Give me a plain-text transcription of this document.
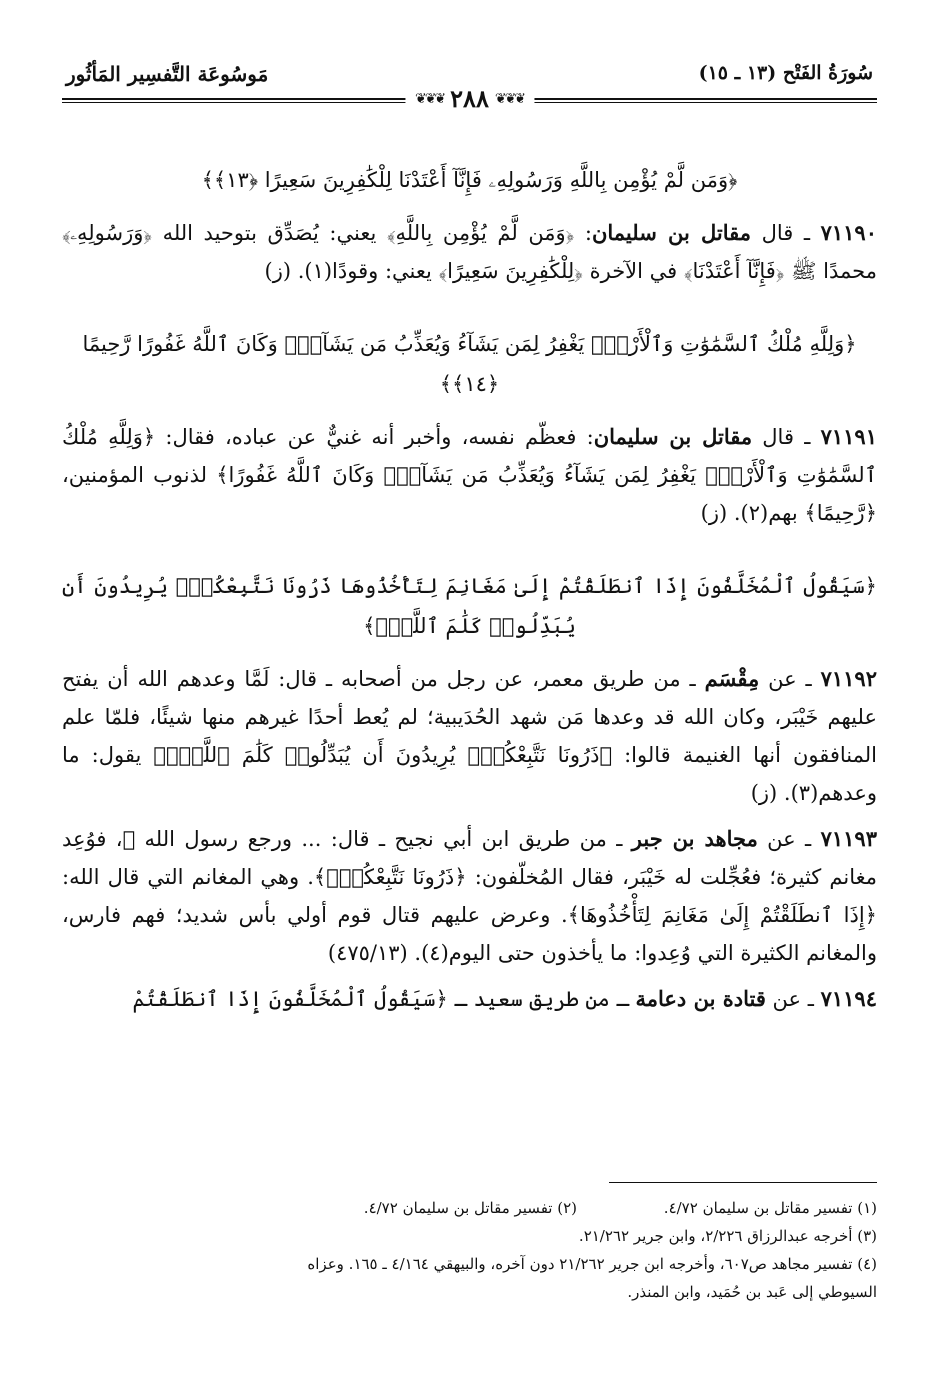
سُورَةُ الفَتْح (١٣ ـ ١٥)
مَوسُوعَة التَّفسِير المَأثُور
❦❦❦ ٢٨٨ ❦❦❦

﴿وَمَن لَّمْ يُؤْمِن بِاللَّهِ وَرَسُولِهِۦ فَإِنَّآ أَعْتَدْنَا لِلْكَٰفِرِينَ سَعِيرًا ﴿١٣﴾﴾

٧١١٩٠ ـ قال مقاتل بن سليمان: ﴿وَمَن لَّمْ يُؤْمِن بِاللَّهِ﴾ يعني: يُصَدِّق بتوحيد الله ﴿وَرَسُولِهِۦ﴾ محمدًا ﷺ ﴿فَإِنَّآ أَعْتَدْنَا﴾ في الآخرة ﴿لِلْكَٰفِرِينَ سَعِيرًا﴾ يعني: وقودًا(١). (ز)

﴿وَلِلَّهِ مُلْكُ ٱلسَّمَٰوَٰتِ وَٱلْأَرْضِۚ يَغْفِرُ لِمَن يَشَآءُ وَيُعَذِّبُ مَن يَشَآءُۚ وَكَانَ ٱللَّهُ غَفُورًا رَّحِيمًا ﴿١٤﴾﴾

٧١١٩١ ـ قال مقاتل بن سليمان: فعظّم نفسه، وأخبر أنه غنيٌّ عن عباده، فقال: ﴿وَلِلَّهِ مُلْكُ ٱلسَّمَٰوَٰتِ وَٱلْأَرْضِۚ يَغْفِرُ لِمَن يَشَآءُ وَيُعَذِّبُ مَن يَشَآءُۚ وَكَانَ ٱللَّهُ غَفُورًا﴾ لذنوب المؤمنين، ﴿رَّحِيمًا﴾ بهم(٢). (ز)

﴿سَيَقُولُ ٱلْمُخَلَّفُونَ إِذَا ٱنطَلَقْتُمْ إِلَىٰ مَغَانِمَ لِتَأْخُذُوهَا ذَرُونَا نَتَّبِعْكُمْۖ يُرِيدُونَ أَن يُبَدِّلُوا۟ كَلَٰمَ ٱللَّهِۚ﴾

٧١١٩٢ ـ عن مِقْسَم ـ من طريق معمر، عن رجل من أصحابه ـ قال: لَمَّا وعدهم الله أن يفتح عليهم خَيْبَر، وكان الله قد وعدها مَن شهد الحُدَيبية؛ لم يُعط أحدًا غيرهم منها شيئًا، فلمّا علم المنافقون أنها الغنيمة قالوا: ﴿ذَرُونَا نَتَّبِعْكُمْۖ يُرِيدُونَ أَن يُبَدِّلُوا۟ كَلَٰمَ ٱللَّهِۚ﴾ يقول: ما وعدهم(٣). (ز)

٧١١٩٣ ـ عن مجاهد بن جبر ـ من طريق ابن أبي نجيح ـ قال: ... ورجع رسول الله ﷺ، فوُعِد مغانم كثيرة؛ فعُجِّلت له خَيْبَر، فقال المُخلّفون: ﴿ذَرُونَا نَتَّبِعْكُمْۖ﴾. وهي المغانم التي قال الله: ﴿إِذَا ٱنطَلَقْتُمْ إِلَىٰ مَغَانِمَ لِتَأْخُذُوهَا﴾. وعرض عليهم قتال قوم أولي بأس شديد؛ فهم فارس، والمغانم الكثيرة التي وُعِدوا: ما يأخذون حتى اليوم(٤). (٤٧٥/١٣)

٧١١٩٤ ـ عن قتادة بن دعامة ـ من طريق سعيد ـ ﴿سَيَقُولُ ٱلْمُخَلَّفُونَ إِذَا ٱنطَلَقْتُمْ

(١) تفسير مقاتل بن سليمان ٤/٧٢.
(٢) تفسير مقاتل بن سليمان ٤/٧٢.
(٣) أخرجه عبدالرزاق ٢/٢٢٦، وابن جرير ٢١/٢٦٢.
(٤) تفسير مجاهد ص٦٠٧، وأخرجه ابن جرير ٢١/٢٦٢ دون آخره، والبيهقي ٤/١٦٤ ـ ١٦٥. وعزاه
السيوطي إلى عَبد بن حُمَيد، وابن المنذر.
